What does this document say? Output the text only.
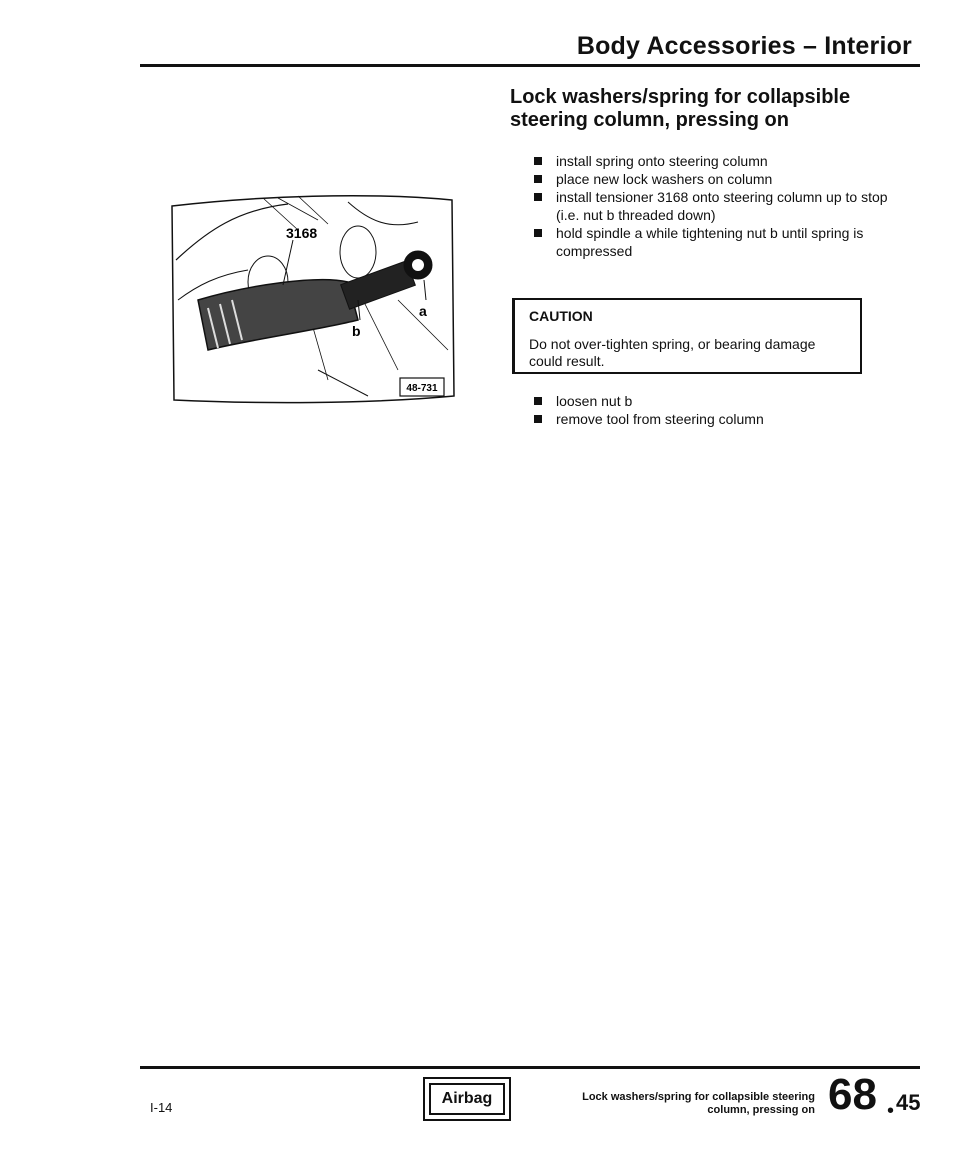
Body Accessories – Interior
Lock washers/spring for collapsible
steering column, pressing on
install spring onto steering column
place new lock washers on column
install tensioner 3168 onto steering column up to stop (i.e. nut b threaded down)
hold spindle a while tightening nut b until spring is compressed
CAUTION
Do not over-tighten spring, or bearing damage could result.
loosen nut b
remove tool from steering column
3168
b
a
48-731
I-14
Airbag	Lock washers/spring for collapsible steering
column, pressing on 68 • 45
